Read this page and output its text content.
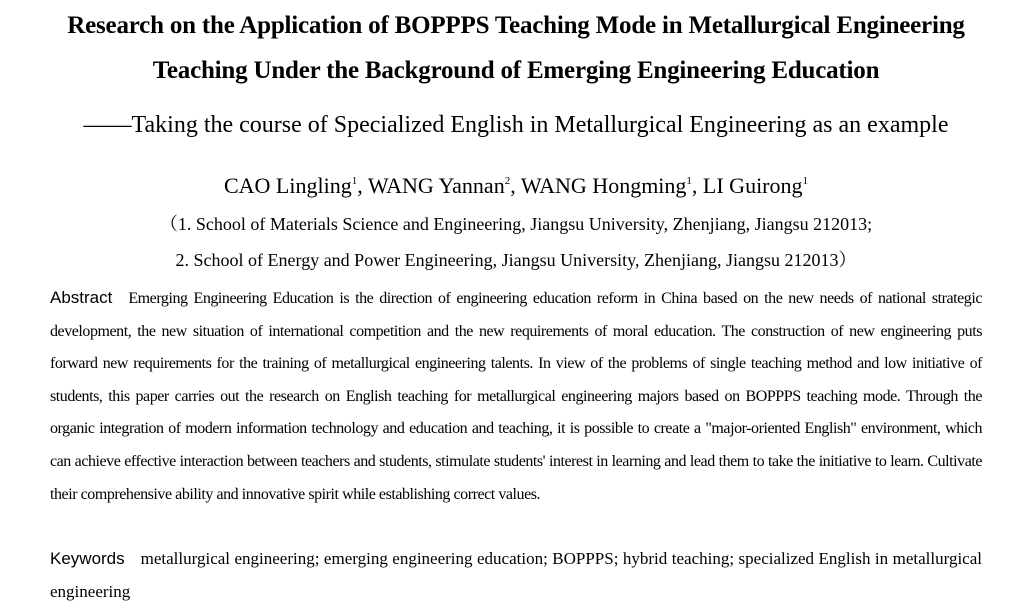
Research on the Application of BOPPPS Teaching Mode in Metallurgical Engineering
Teaching Under the Background of Emerging Engineering Education
——Taking the course of Specialized English in Metallurgical Engineering as an example
CAO Lingling$^1$, WANG Yannan$^2$, WANG Hongming$^1$, LI Guirong$^1$
（1. School of Materials Science and Engineering, Jiangsu University, Zhenjiang, Jiangsu 212013;
2. School of Energy and Power Engineering, Jiangsu University, Zhenjiang, Jiangsu 212013）
Abstract Emerging Engineering Education is the direction of engineering education reform in China based on the new needs of national strategic development, the new situation of international competition and the new requirements of moral education. The construction of new engineering puts forward new requirements for the training of metallurgical engineering talents. In view of the problems of single teaching method and low initiative of students, this paper carries out the research on English teaching for metallurgical engineering majors based on BOPPPS teaching mode. Through the organic integration of modern information technology and education and teaching, it is possible to create a "major-oriented English" environment, which can achieve effective interaction between teachers and students, stimulate students' interest in learning and lead them to take the initiative to learn. Cultivate their comprehensive ability and innovative spirit while establishing correct values.
Keywords metallurgical engineering; emerging engineering education; BOPPPS; hybrid teaching; specialized English in metallurgical engineering
